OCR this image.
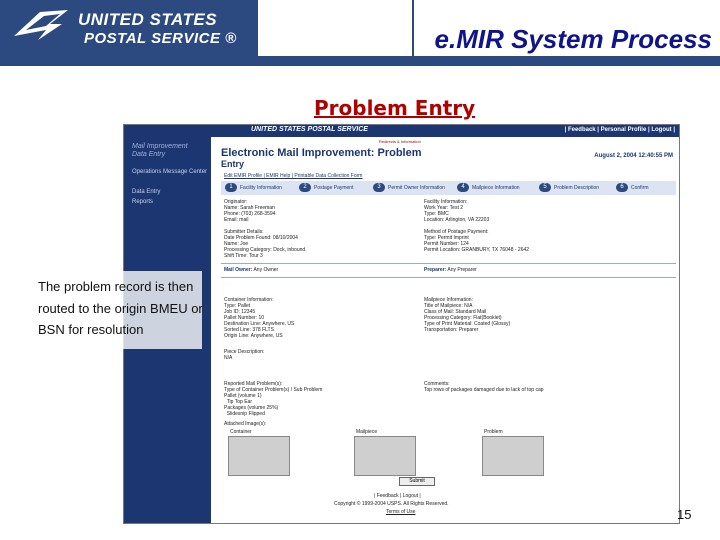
UNITED STATES
POSTAL SERVICE ®	e.MIR System Process
Problem Entry
Mail Improvement Data Entry
Operations Message Center
Data Entry
Reports
UNITED STATES POSTAL SERVICE	| Feedback | Personal Profile | Logout |
Redirects & Information
Electronic Mail Improvement: Problem
Entry
August 2, 2004 12:40:55 PM
Edit EMIR Profile | EMIR Help | Printable Data Collection Form
1	Facility Information	2	Postage Payment	3	Permit Owner Information	4	Mailpiece Information	5	Problem Description	6	Confirm
Originator:
Name: Sarah Freeman
Phone: (703) 268-3594
Email: mail
Facility Information:
Work Year: Test 2
Type: BMC
Location: Arlington, VA 22203
Submitter Details:
Date Problem Found: 08/10/2004
Name: Joe
Processing Category: Dock, inbound
Shift Time: Tour 3
Method of Postage Payment:
Type: Permit Imprint
Permit Number: 124
Permit Location: GRANBURY, TX 76048 - 2642
Mail Owner: Any Owner	Preparer: Any Preparer
Container Information:
Type: Pallet
Job ID: 12345
Pallet Number: 10
Destination Line: Anywhere, US
Sorted Line: 378 FLTS
Origin Line: Anywhere, US
Mailpiece Information:
Title of Mailpiece: N/A
Class of Mail: Standard Mail
Processing Category: Flat(Booklet)
Type of Print Material: Coated (Glossy)
Transportation: Preparer
Piece Description:
N/A
Reported Mail Problem(s):
Type of Container Problem(s) / Sub Problem
Pallet (volume 1)
Tip Top Ear
Packages (volume 25%)
Slidesnip Flipped
Comments:
Top rows of packages damaged due to lack of top cap
Attached Image(s):
Container	Mailpiece	Problem
Submit
| Feedback | Logout |
Copyright © 1999-2004 USPS. All Rights Reserved.
Terms of Use
The problem record is then routed to the origin BMEU or BSN for resolution
15
